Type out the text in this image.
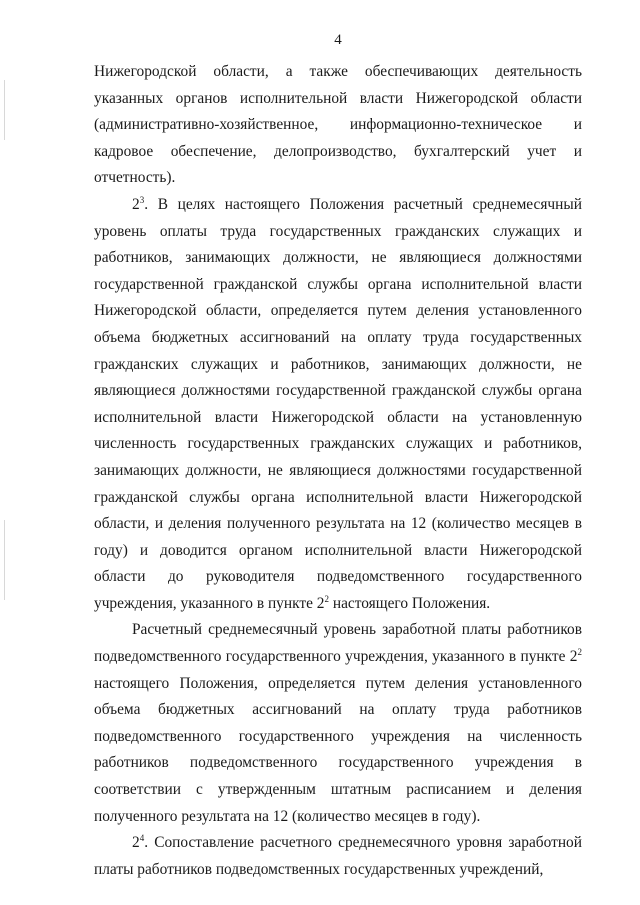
4

Нижегородской области, а также обеспечивающих деятельность указанных органов исполнительной власти Нижегородской области (административно-хозяйственное, информационно-техническое и кадровое обеспечение, делопроизводство, бухгалтерский учет и отчетность).

$2^3$. В целях настоящего Положения расчетный среднемесячный уровень оплаты труда государственных гражданских служащих и работников, занимающих должности, не являющиеся должностями государственной гражданской службы органа исполнительной власти Нижегородской области, определяется путем деления установленного объема бюджетных ассигнований на оплату труда государственных гражданских служащих и работников, занимающих должности, не являющиеся должностями государственной гражданской службы органа исполнительной власти Нижегородской области на установленную численность государственных гражданских служащих и работников, занимающих должности, не являющиеся должностями государственной гражданской службы органа исполнительной власти Нижегородской области, и деления полученного результата на 12 (количество месяцев в году) и доводится органом исполнительной власти Нижегородской области до руководителя подведомственного государственного учреждения, указанного в пункте $2^2$ настоящего Положения.

Расчетный среднемесячный уровень заработной платы работников подведомственного государственного учреждения, указанного в пункте $2^2$ настоящего Положения, определяется путем деления установленного объема бюджетных ассигнований на оплату труда работников подведомственного государственного учреждения на численность работников подведомственного государственного учреждения в соответствии с утвержденным штатным расписанием и деления полученного результата на 12 (количество месяцев в году).

$2^4$. Сопоставление расчетного среднемесячного уровня заработной платы работников подведомственных государственных учреждений,
